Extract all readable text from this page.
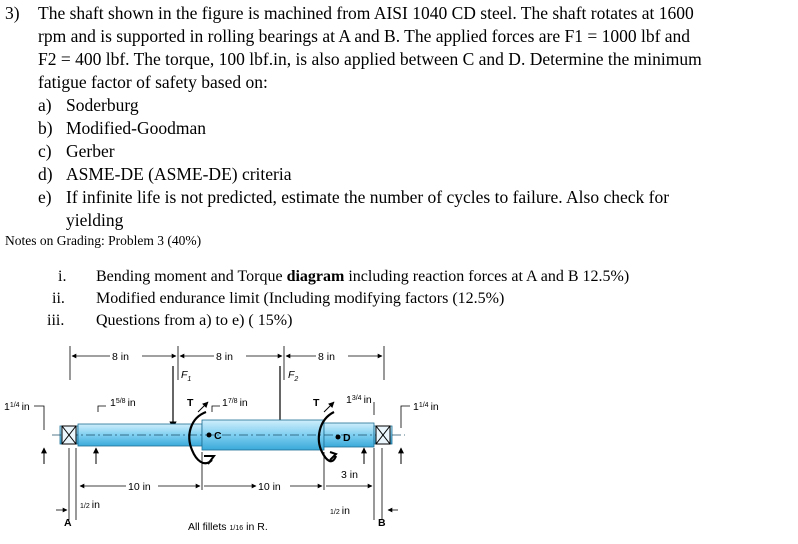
3) The shaft shown in the figure is machined from AISI 1040 CD steel. The shaft rotates at 1600
rpm and is supported in rolling bearings at A and B. The applied forces are F1 = 1000 lbf and
F2 = 400 lbf. The torque, 100 lbf.in, is also applied between C and D. Determine the minimum
fatigue factor of safety based on:
a) Soderburg
b) Modified-Goodman
c) Gerber
d) ASME-DE (ASME-DE) criteria
e) If infinite life is not predicted, estimate the number of cycles to failure. Also check for
yielding
Notes on Grading: Problem 3 (40%)
i. Bending moment and Torque diagram including reaction forces at A and B 12.5%)
ii. Modified endurance limit (Including modifying factors (12.5%)
iii. Questions from a) to e) ( 15%)
8 in	8 in	8 in
$F_1$	$F_2$
$1^{1/4}$ in	$1^{5/8}$ in	$1^{7/8}$ in	$1^{3/4}$ in
$1^{1/4}$ in
T	T
C	D
10 in	10 in
3 in
1/2 in
1/2 in
A	B
All fillets 1/16 in R.
